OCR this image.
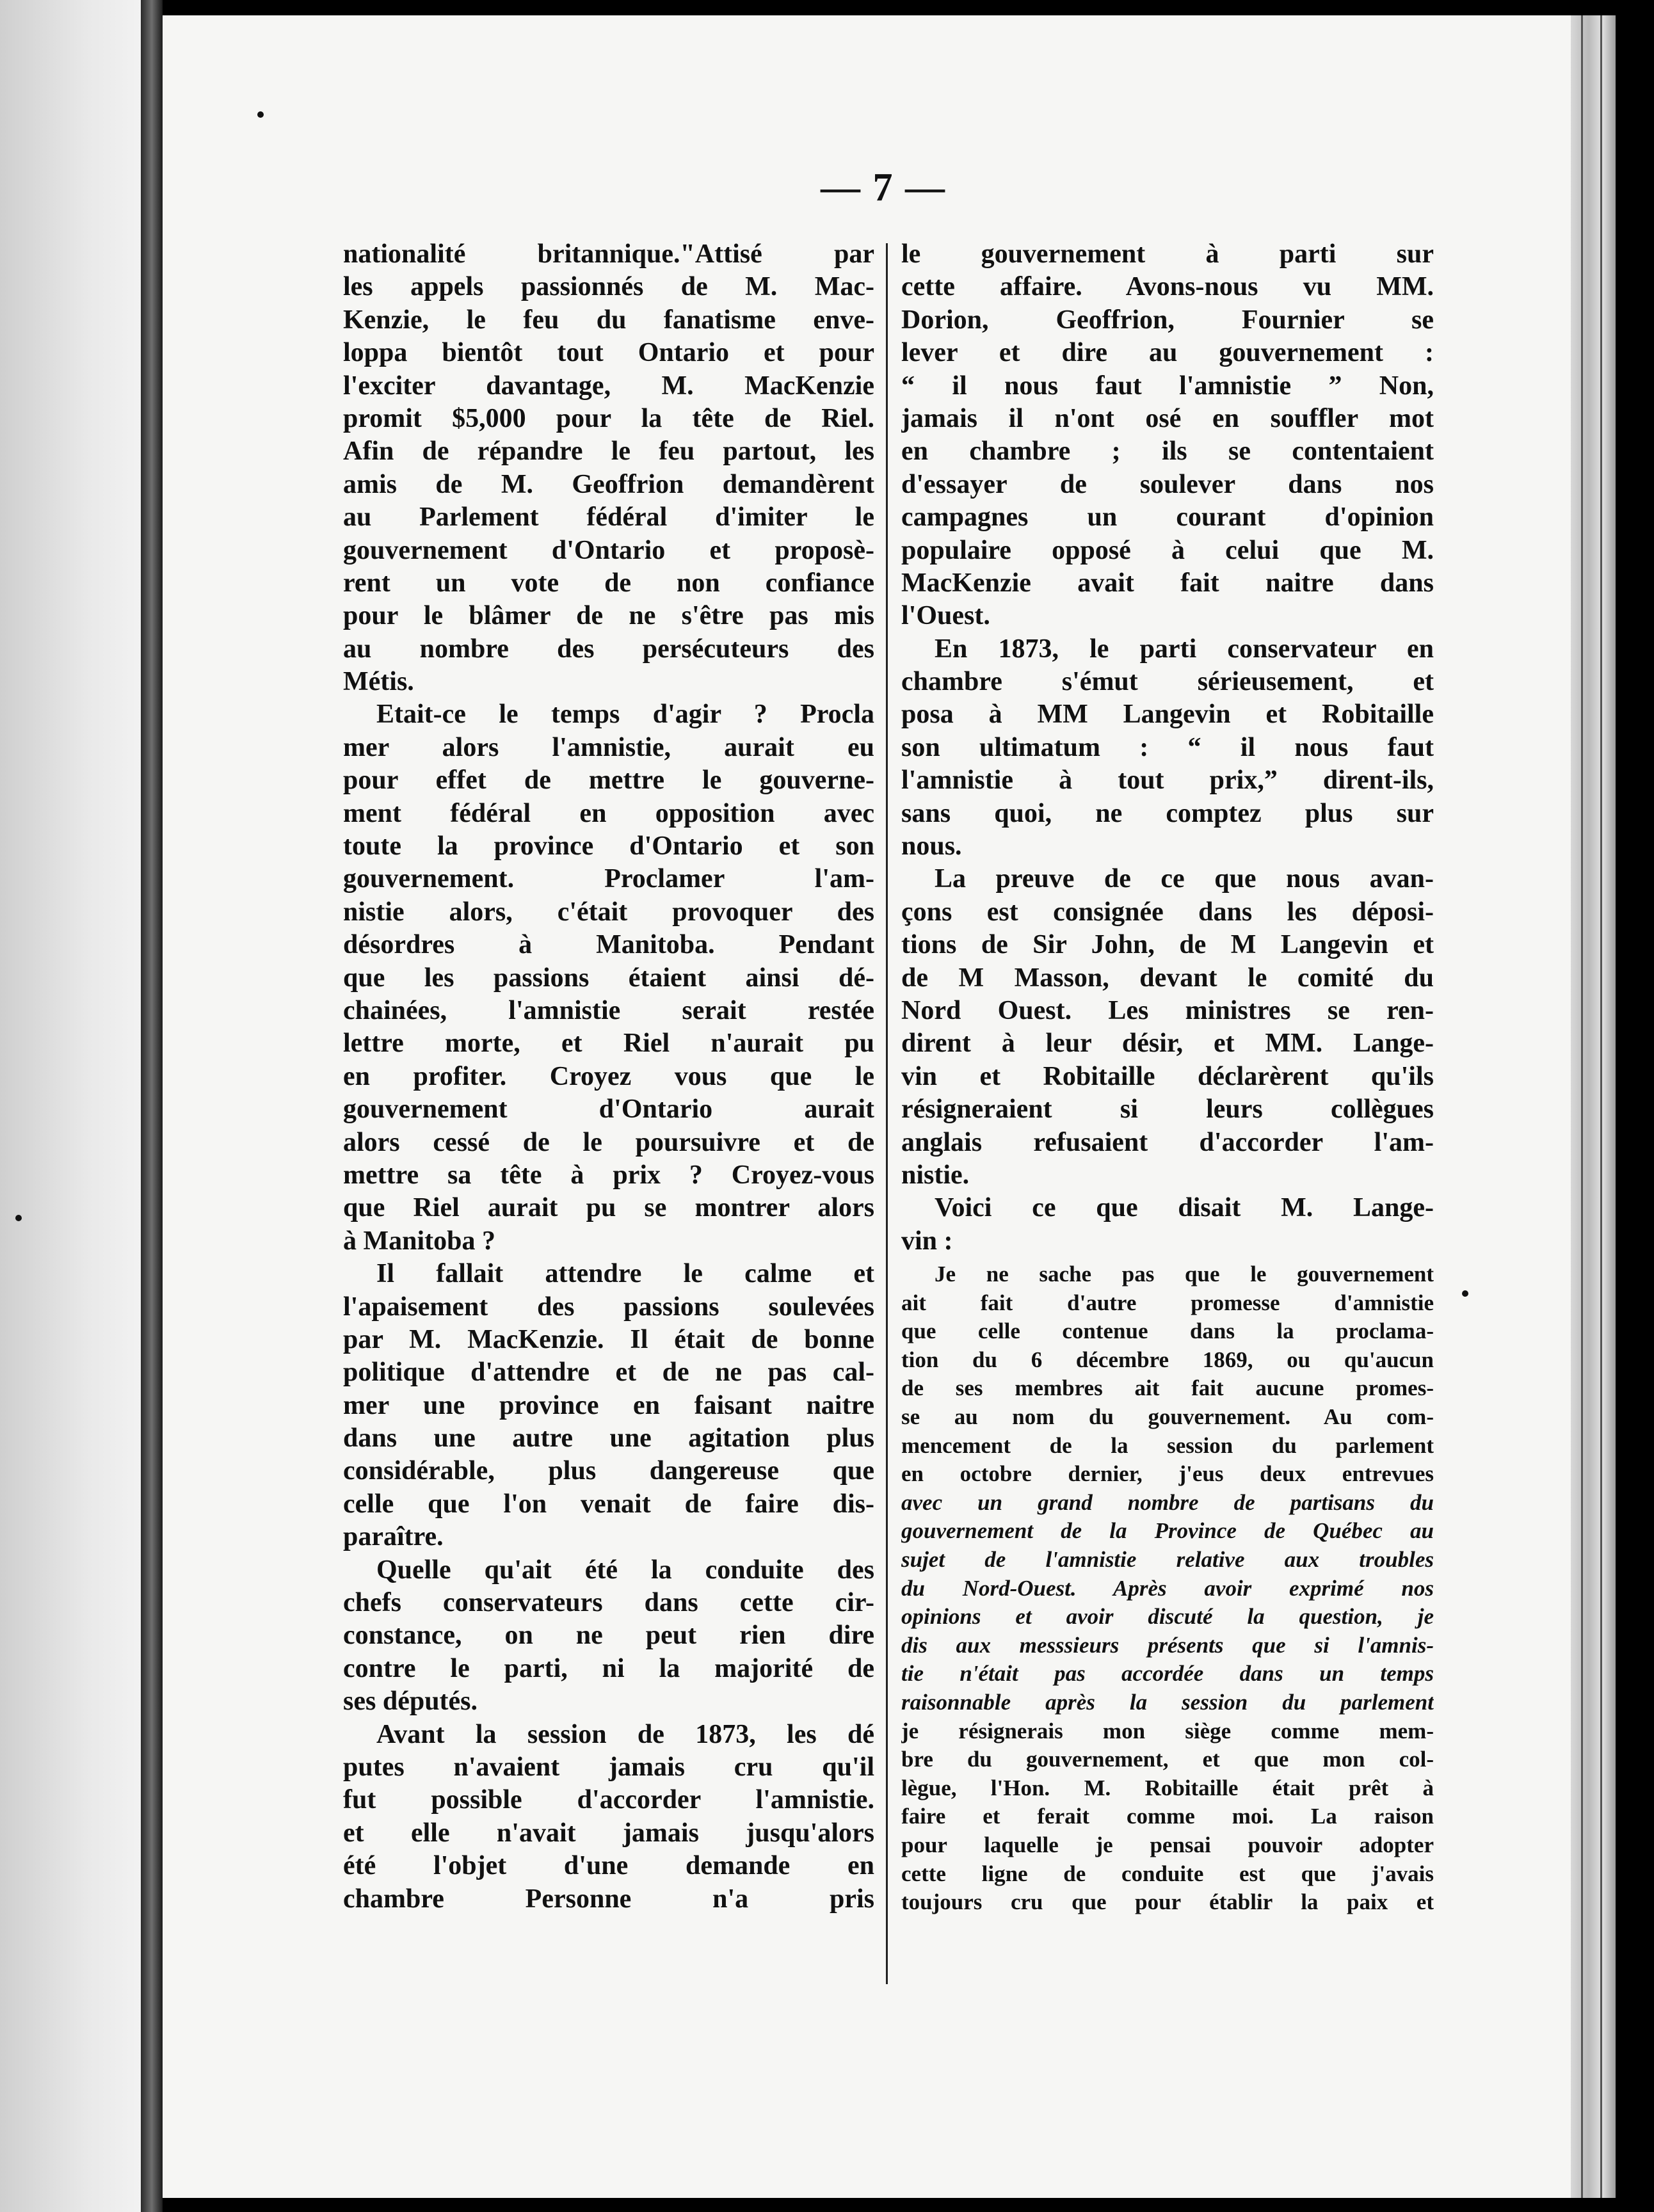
— 7 —
nationalité britannique."Attisé par
les appels passionnés de M. Mac-
Kenzie, le feu du fanatisme enve-
loppa bientôt tout Ontario et pour
l'exciter davantage, M. MacKenzie
promit $5,000 pour la tête de Riel.
Afin de répandre le feu partout, les
amis de M. Geoffrion demandèrent
au Parlement fédéral d'imiter le
gouvernement d'Ontario et proposè-
rent un vote de non confiance
pour le blâmer de ne s'être pas mis
au nombre des persécuteurs des
Métis.
Etait-ce le temps d'agir ? Procla
mer alors l'amnistie, aurait eu
pour effet de mettre le gouverne-
ment fédéral en opposition avec
toute la province d'Ontario et son
gouvernement. Proclamer l'am-
nistie alors, c'était provoquer des
désordres à Manitoba. Pendant
que les passions étaient ainsi dé-
chainées, l'amnistie serait restée
lettre morte, et Riel n'aurait pu
en profiter. Croyez vous que le
gouvernement d'Ontario aurait
alors cessé de le poursuivre et de
mettre sa tête à prix ? Croyez-vous
que Riel aurait pu se montrer alors
à Manitoba ?
Il fallait attendre le calme et
l'apaisement des passions soulevées
par M. MacKenzie. Il était de bonne
politique d'attendre et de ne pas cal-
mer une province en faisant naitre
dans une autre une agitation plus
considérable, plus dangereuse que
celle que l'on venait de faire dis-
paraître.
Quelle qu'ait été la conduite des
chefs conservateurs dans cette cir-
constance, on ne peut rien dire
contre le parti, ni la majorité de
ses députés.
Avant la session de 1873, les dé
putes n'avaient jamais cru qu'il
fut possible d'accorder l'amnistie.
et elle n'avait jamais jusqu'alors
été l'objet d'une demande en
chambre Personne n'a pris
le gouvernement à parti sur
cette affaire. Avons-nous vu MM.
Dorion, Geoffrion, Fournier se
lever et dire au gouvernement :
“ il nous faut l'amnistie ” Non,
jamais il n'ont osé en souffler mot
en chambre ; ils se contentaient
d'essayer de soulever dans nos
campagnes un courant d'opinion
populaire opposé à celui que M.
MacKenzie avait fait naitre dans
l'Ouest.
En 1873, le parti conservateur en
chambre s'émut sérieusement, et
posa à MM Langevin et Robitaille
son ultimatum : “ il nous faut
l'amnistie à tout prix,” dirent-ils,
sans quoi, ne comptez plus sur
nous.
La preuve de ce que nous avan-
çons est consignée dans les déposi-
tions de Sir John, de M Langevin et
de M Masson, devant le comité du
Nord Ouest. Les ministres se ren-
dirent à leur désir, et MM. Lange-
vin et Robitaille déclarèrent qu'ils
résigneraient si leurs collègues
anglais refusaient d'accorder l'am-
nistie.
Voici ce que disait M. Lange-
vin :
Je ne sache pas que le gouvernement
ait fait d'autre promesse d'amnistie
que celle contenue dans la proclama-
tion du 6 décembre 1869, ou qu'aucun
de ses membres ait fait aucune promes-
se au nom du gouvernement. Au com-
mencement de la session du parlement
en octobre dernier, j'eus deux entrevues
avec un grand nombre de partisans du
gouvernement de la Province de Québec au
sujet de l'amnistie relative aux troubles
du Nord-Ouest. Après avoir exprimé nos
opinions et avoir discuté la question, je
dis aux messsieurs présents que si l'amnis-
tie n'était pas accordée dans un temps
raisonnable après la session du parlement
je résignerais mon siège comme mem-
bre du gouvernement, et que mon col-
lègue, l'Hon. M. Robitaille était prêt à
faire et ferait comme moi. La raison
pour laquelle je pensai pouvoir adopter
cette ligne de conduite est que j'avais
toujours cru que pour établir la paix et
